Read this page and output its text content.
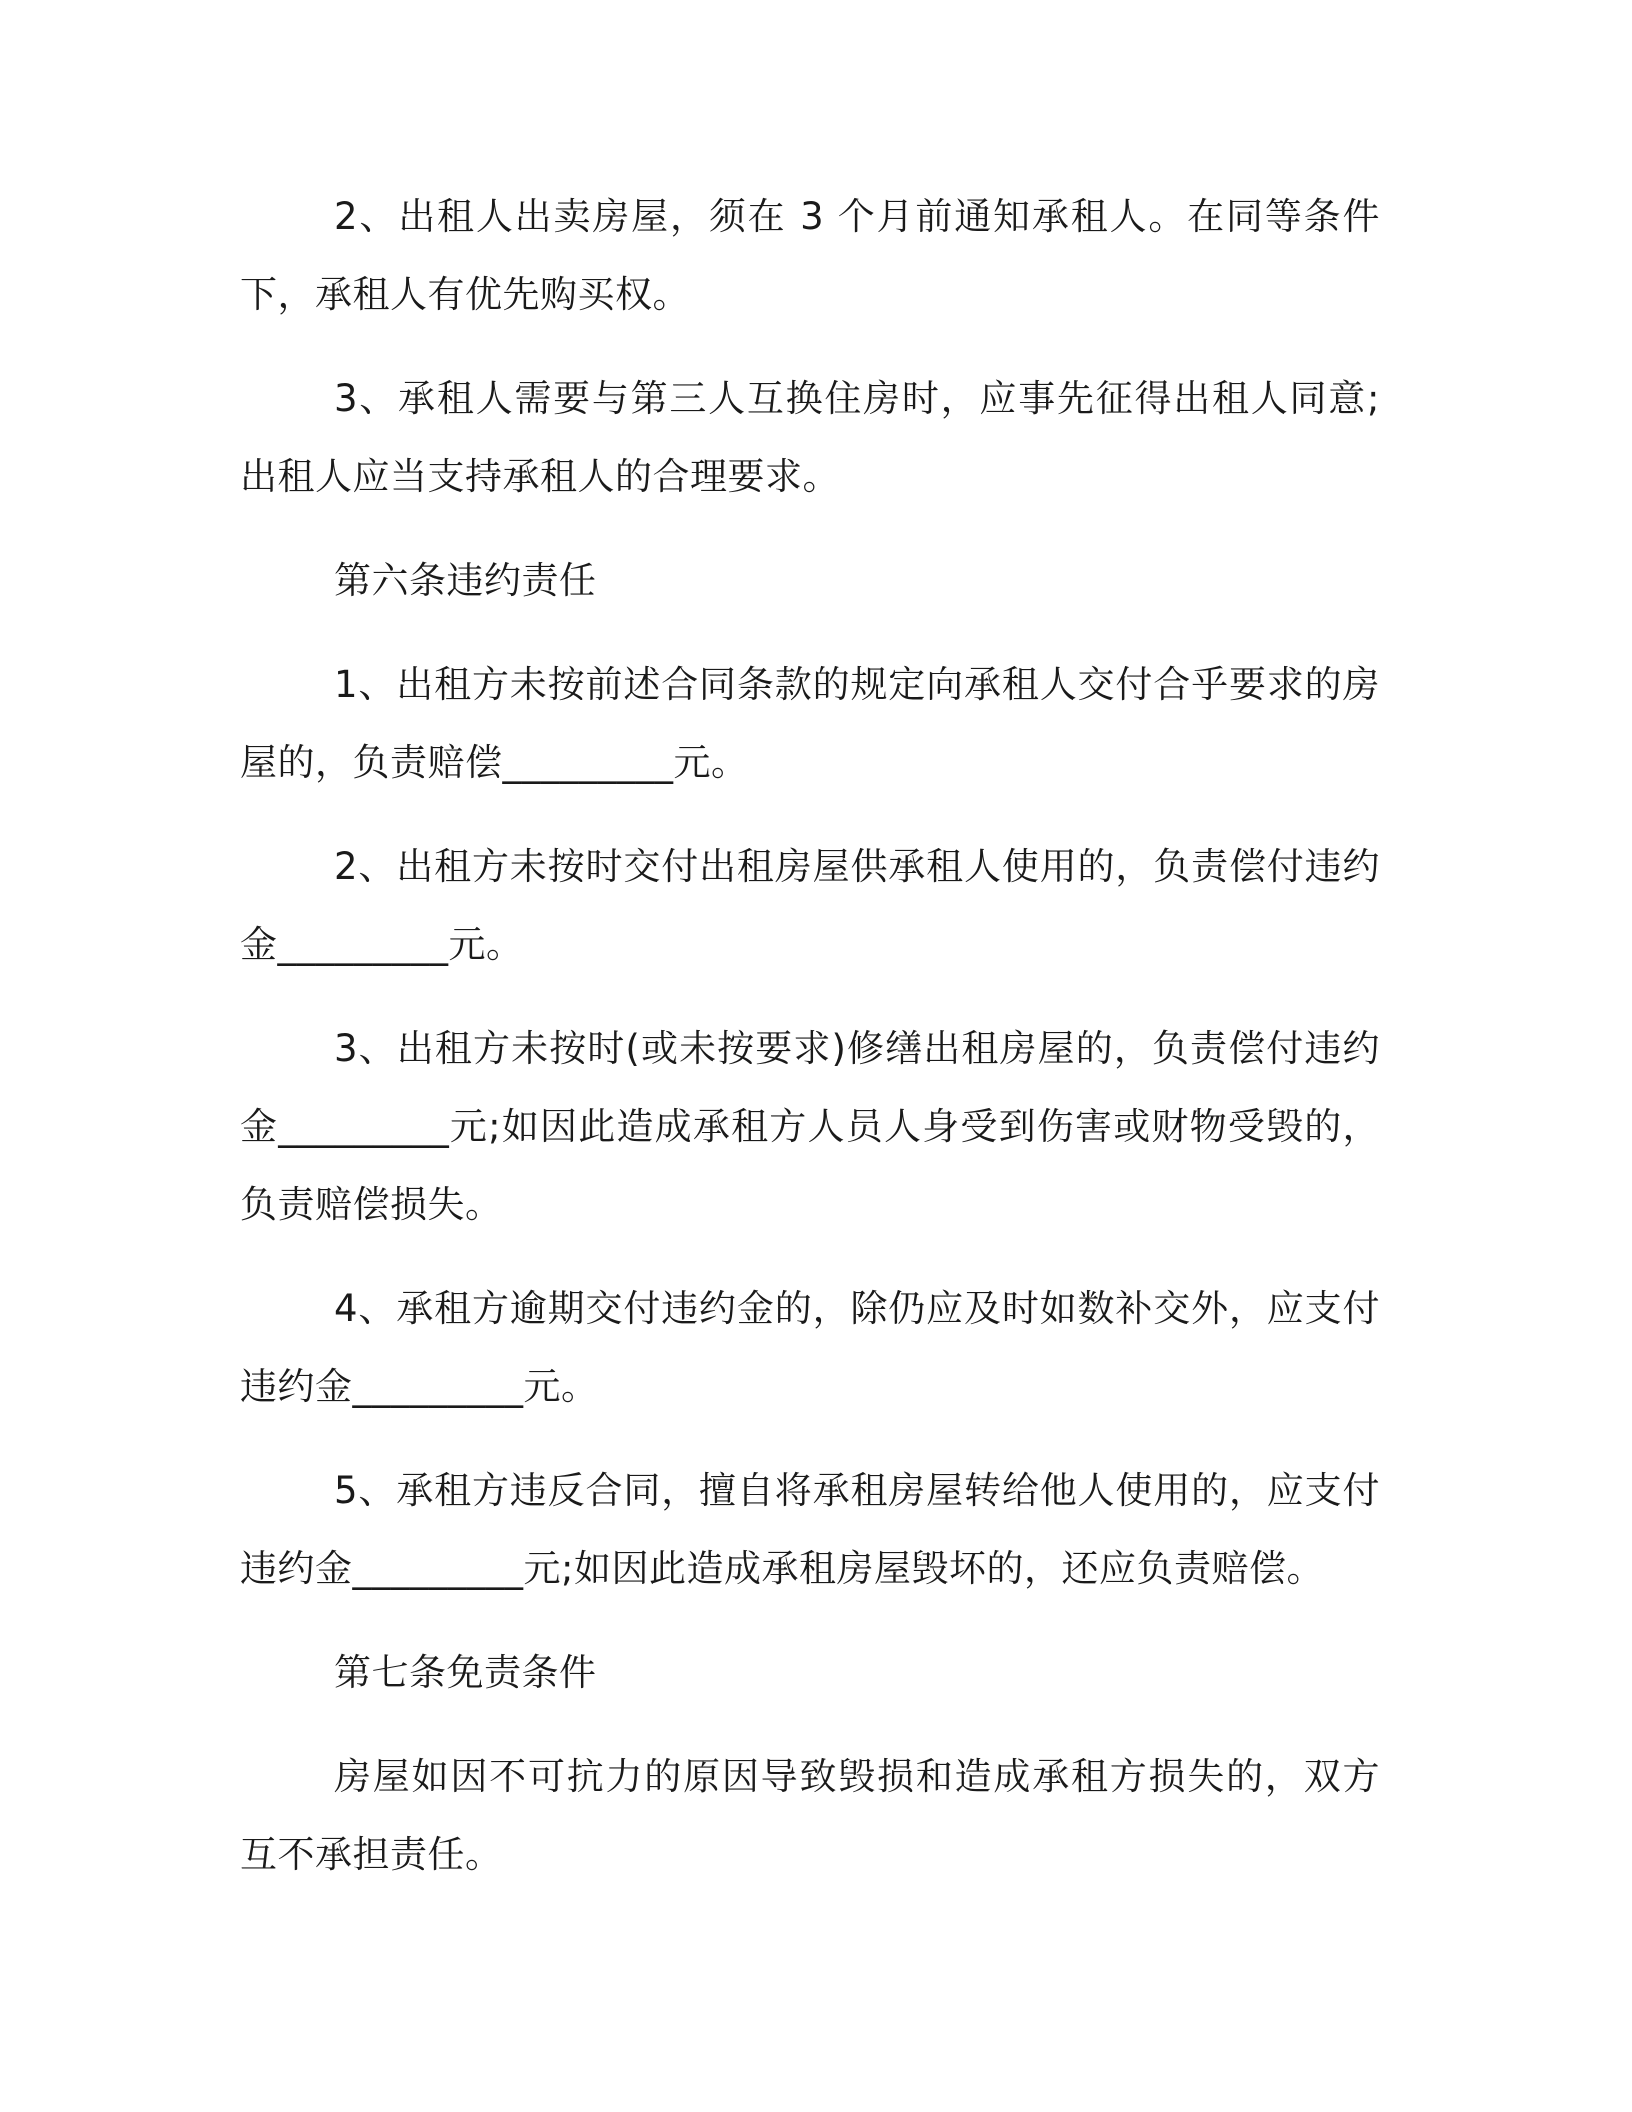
2、出租人出卖房屋，须在 3 个月前通知承租人。在同等条件下，承租人有优先购买权。

3、承租人需要与第三人互换住房时，应事先征得出租人同意;出租人应当支持承租人的合理要求。

第六条违约责任

1、出租方未按前述合同条款的规定向承租人交付合乎要求的房屋的，负责赔偿_________元。

2、出租方未按时交付出租房屋供承租人使用的，负责偿付违约金_________元。

3、出租方未按时(或未按要求)修缮出租房屋的，负责偿付违约金_________元;如因此造成承租方人员人身受到伤害或财物受毁的，负责赔偿损失。

4、承租方逾期交付违约金的，除仍应及时如数补交外，应支付违约金_________元。

5、承租方违反合同，擅自将承租房屋转给他人使用的，应支付违约金_________元;如因此造成承租房屋毁坏的，还应负责赔偿。

第七条免责条件

房屋如因不可抗力的原因导致毁损和造成承租方损失的，双方互不承担责任。
